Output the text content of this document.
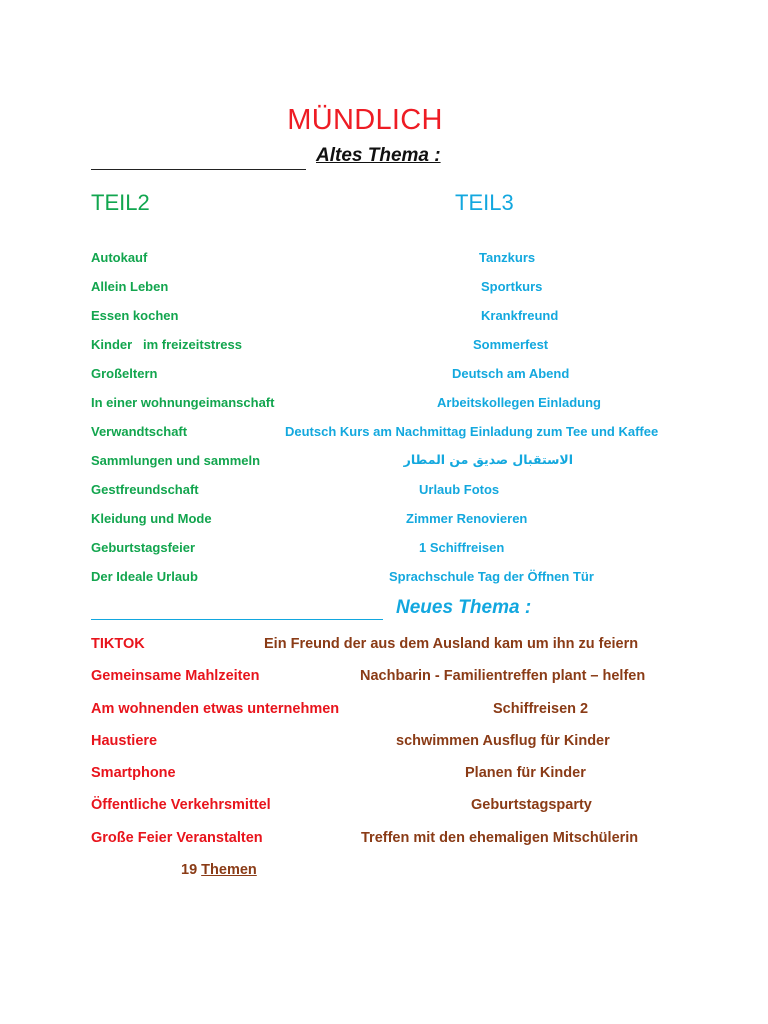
MÜNDLICH
Altes Thema :
TEIL2	TEIL3
Autokauf
Allein Leben
Essen kochen
Kinder   im freizeitstress
Großeltern
In einer wohnungeimanschaft
Verwandtschaft
Sammlungen und sammeln
Gestfreundschaft
Kleidung und Mode
Geburtstagsfeier
Der Ideale Urlaub
Tanzkurs
Sportkurs
Krankfreund
Sommerfest
Deutsch am Abend
Arbeitskollegen Einladung
Deutsch Kurs am Nachmittag Einladung zum Tee und Kaffee
الاستقبال صديق من المطار
Urlaub Fotos
Zimmer Renovieren
1 Schiffreisen
Sprachschule Tag der Öffnen Tür
Neues Thema :
TIKTOK
Gemeinsame Mahlzeiten
Am wohnenden etwas unternehmen
Haustiere
Smartphone
Öffentliche Verkehrsmittel
Große Feier Veranstalten
Ein Freund der aus dem Ausland kam um ihn zu feiern
Nachbarin - Familientreffen plant – helfen
Schiffreisen 2
schwimmen Ausflug für Kinder
Planen für Kinder
Geburtstagsparty
Treffen mit den ehemaligen Mitschülerin
19 Themen
